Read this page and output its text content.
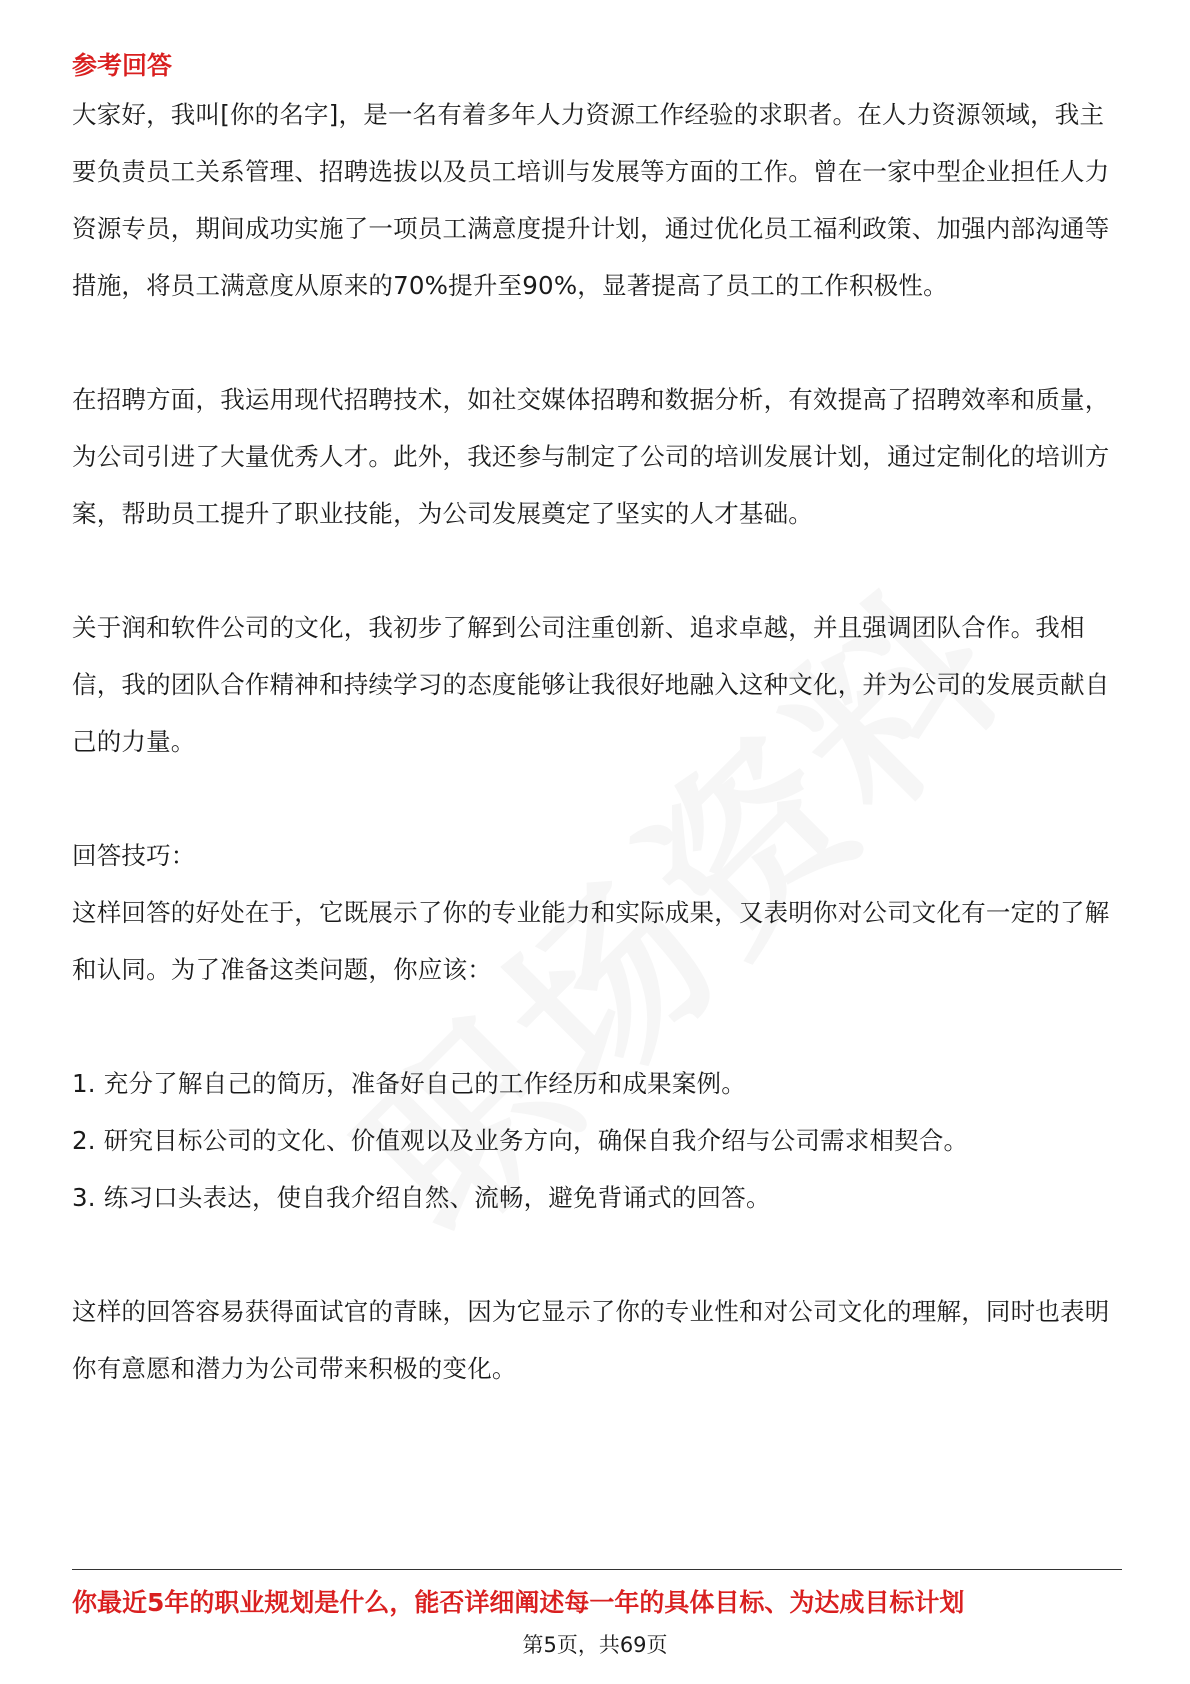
参考回答

大家好，我叫[你的名字]，是一名有着多年人力资源工作经验的求职者。在人力资源领域，我主要负责员工关系管理、招聘选拔以及员工培训与发展等方面的工作。曾在一家中型企业担任人力资源专员，期间成功实施了一项员工满意度提升计划，通过优化员工福利政策、加强内部沟通等措施，将员工满意度从原来的70%提升至90%，显著提高了员工的工作积极性。

在招聘方面，我运用现代招聘技术，如社交媒体招聘和数据分析，有效提高了招聘效率和质量，为公司引进了大量优秀人才。此外，我还参与制定了公司的培训发展计划，通过定制化的培训方案，帮助员工提升了职业技能，为公司发展奠定了坚实的人才基础。

关于润和软件公司的文化，我初步了解到公司注重创新、追求卓越，并且强调团队合作。我相信，我的团队合作精神和持续学习的态度能够让我很好地融入这种文化，并为公司的发展贡献自己的力量。

回答技巧：

这样回答的好处在于，它既展示了你的专业能力和实际成果，又表明你对公司文化有一定的了解和认同。为了准备这类问题，你应该：

1. 充分了解自己的简历，准备好自己的工作经历和成果案例。
2. 研究目标公司的文化、价值观以及业务方向，确保自我介绍与公司需求相契合。
3. 练习口头表达，使自我介绍自然、流畅，避免背诵式的回答。

这样的回答容易获得面试官的青睐，因为它显示了你的专业性和对公司文化的理解，同时也表明你有意愿和潜力为公司带来积极的变化。

你最近5年的职业规划是什么，能否详细阐述每一年的具体目标、为达成目标计划
第5页，共69页
